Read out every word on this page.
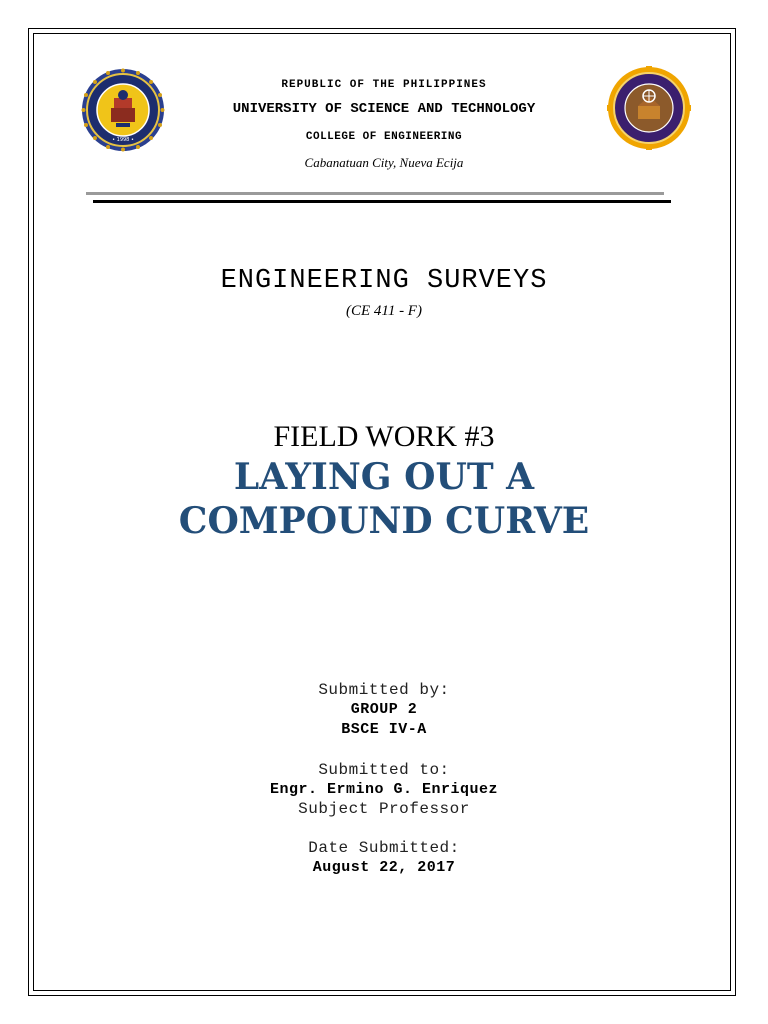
• 1998 •
REPUBLIC OF THE PHILIPPINES
UNIVERSITY OF SCIENCE AND TECHNOLOGY
COLLEGE OF ENGINEERING
Cabanatuan City, Nueva Ecija
ENGINEERING SURVEYS
(CE 411 - F)
FIELD WORK #3
LAYING OUT A
COMPOUND CURVE
Submitted by:
GROUP 2
BSCE IV-A
Submitted to:
Engr. Ermino G. Enriquez
Subject Professor
Date Submitted:
August 22, 2017
